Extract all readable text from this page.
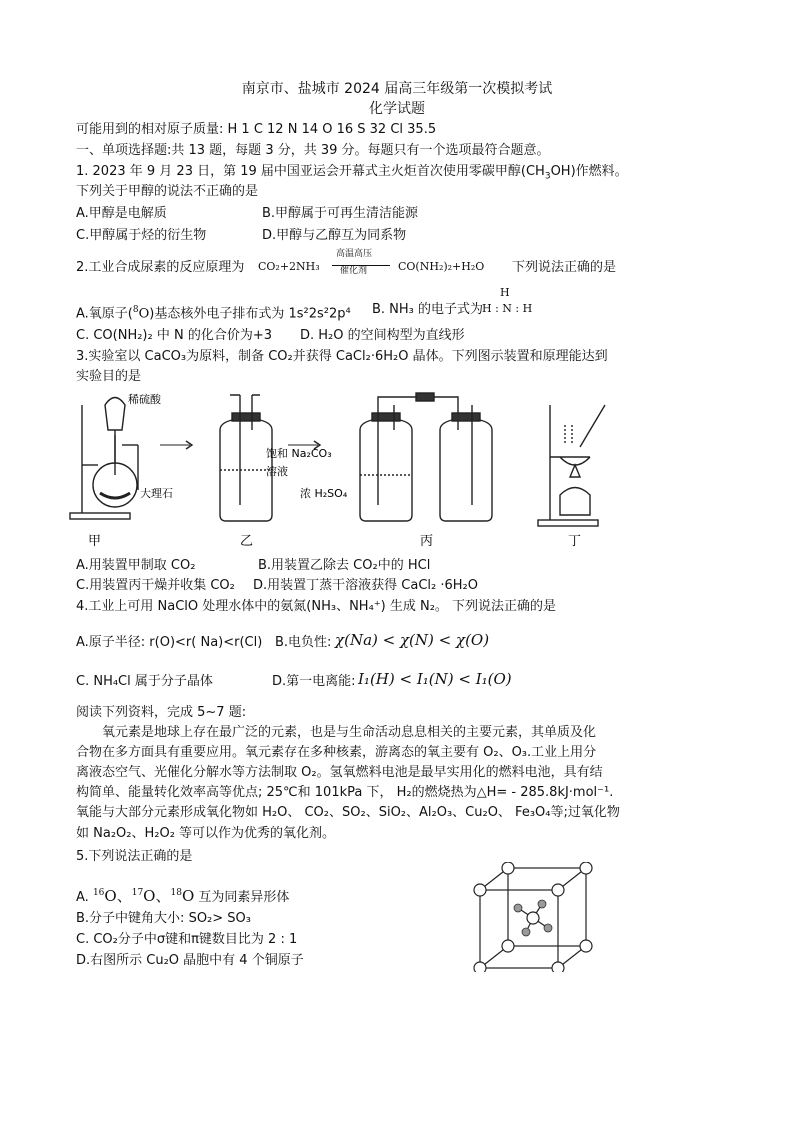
南京市、盐城市 2024 届高三年级第一次模拟考试
化学试题
可能用到的相对原子质量: H 1 C 12 N 14 O 16 S 32 Cl 35.5
一、单项选择题:共 13 题，每题 3 分，共 39 分。每题只有一个选项最符合题意。
1. 2023 年 9 月 23 日，第 19 届中国亚运会开幕式主火炬首次使用零碳甲醇$(CH_3OH)$作燃料。
下列关于甲醇的说法不正确的是
A.甲醇是电解质	B.甲醇属于可再生清洁能源
C.甲醇属于烃的衍生物	D.甲醇与乙醇互为同系物
2.工业合成尿素的反应原理为 CO₂+2NH₃
高温高压
催化剂	CO(NH₂)₂+H₂O 下列说法正确的是
A.氧原子($^8$O)基态核外电子排布式为 1s²2s²2p⁴ B. NH₃ 的电子式为
H
H : N : H
C. CO(NH₂)₂ 中 N 的化合价为+3 D. H₂O 的空间构型为直线形
3.实验室以 CaCO₃为原料，制备 CO₂并获得 CaCl₂·6H₂O 晶体。下列图示装置和原理能达到
实验目的是
稀硫酸
大理石
饱和 Na₂CO₃
溶液
浓 H₂SO₄
甲	乙	丙	丁
A.用装置甲制取 CO₂	B.用装置乙除去 CO₂中的 HCl
C.用装置丙干燥并收集 CO₂ D.用装置丁蒸干溶液获得 CaCl₂ ·6H₂O
4.工业上可用 NaClO 处理水体中的氨氮(NH₃、NH₄⁺) 生成 N₂。 下列说法正确的是
A.原子半径: r(O)<r( Na)<r(Cl) B.电负性: χ(Na) < χ(N) < χ(O)
C. NH₄Cl 属于分子晶体	D.第一电离能: I₁(H) < I₁(N) < I₁(O)
阅读下列资料，完成 5~7 题:
氧元素是地球上存在最广泛的元素，也是与生命活动息息相关的主要元素，其单质及化
合物在多方面具有重要应用。氧元素存在多种核素，游离态的氧主要有 O₂、O₃.工业上用分
离液态空气、光催化分解水等方法制取 O₂。氢氧燃料电池是最早实用化的燃料电池，具有结
构简单、能量转化效率高等优点; 25℃和 101kPa 下， H₂的燃烧热为△H= - 285.8kJ·mol⁻¹.
氧能与大部分元素形成氧化物如 H₂O、 CO₂、SO₂、SiO₂、Al₂O₃、Cu₂O、 Fe₃O₄等;过氧化物
如 Na₂O₂、H₂O₂ 等可以作为优秀的氧化剂。
5.下列说法正确的是
A. $^{16}$O、$^{17}$O、$^{18}$O 互为同素异形体
B.分子中键角大小: SO₂> SO₃
C. CO₂分子中σ键和π键数目比为 2 : 1
D.右图所示 Cu₂O 晶胞中有 4 个铜原子
